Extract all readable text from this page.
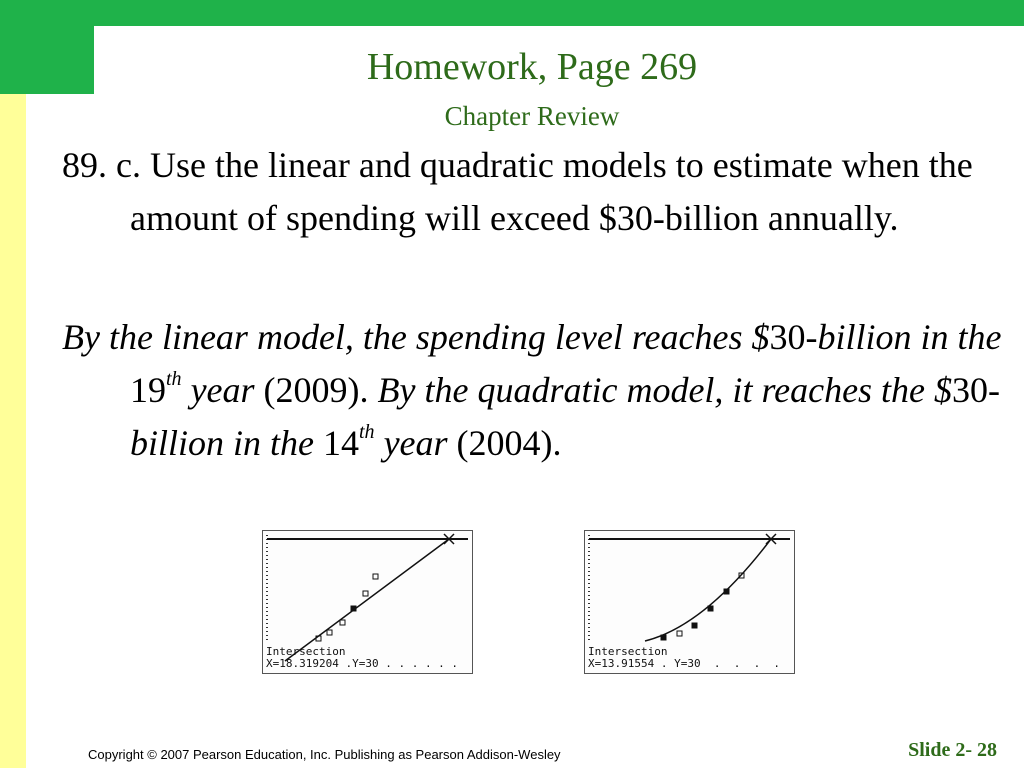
Homework, Page 269
Chapter Review

89. c. Use the linear and quadratic models to estimate when the amount of spending will exceed $30-billion annually.

By the linear model, the spending level reaches $30-billion in the 19th year (2009). By the quadratic model, it reaches the $30-billion in the 14th year (2004).

Intersection
X=18.319204 .Y=30 . . . . . .
Intersection
X=13.91554 . Y=30  .  .  .  .
Copyright © 2007 Pearson Education, Inc. Publishing as Pearson Addison-Wesley	Slide 2- 28
